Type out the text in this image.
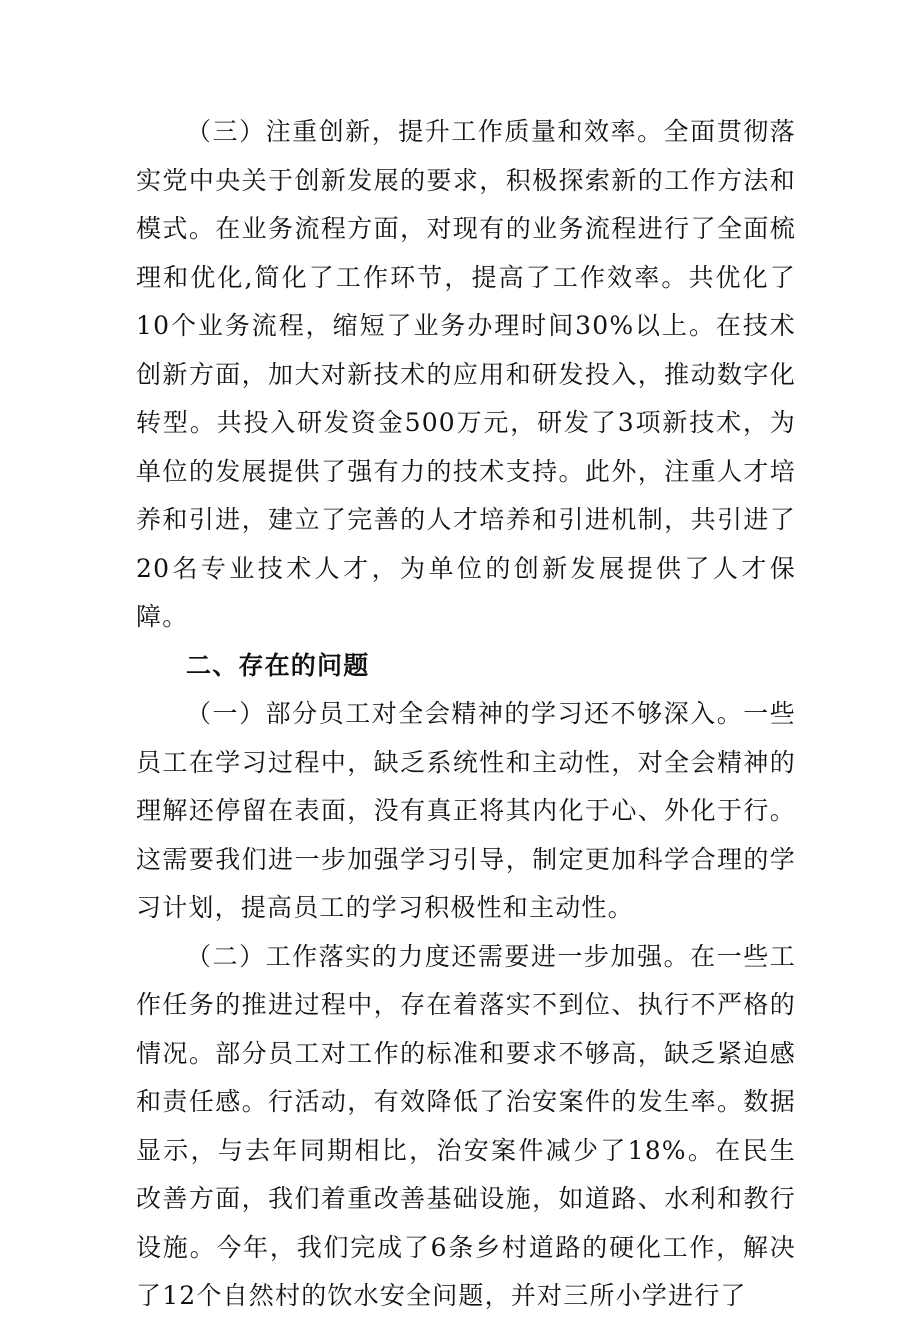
（三）注重创新，提升工作质量和效率。全面贯彻落实党中央关于创新发展的要求，积极探索新的工作方法和模式。在业务流程方面，对现有的业务流程进行了全面梳理和优化,简化了工作环节，提高了工作效率。共优化了10个业务流程，缩短了业务办理时间30%以上。在技术创新方面，加大对新技术的应用和研发投入，推动数字化转型。共投入研发资金500万元，研发了3项新技术，为单位的发展提供了强有力的技术支持。此外，注重人才培养和引进，建立了完善的人才培养和引进机制，共引进了20名专业技术人才，为单位的创新发展提供了人才保障。

二、存在的问题

（一）部分员工对全会精神的学习还不够深入。一些员工在学习过程中，缺乏系统性和主动性，对全会精神的理解还停留在表面，没有真正将其内化于心、外化于行。这需要我们进一步加强学习引导，制定更加科学合理的学习计划，提高员工的学习积极性和主动性。

（二）工作落实的力度还需要进一步加强。在一些工作任务的推进过程中，存在着落实不到位、执行不严格的情况。部分员工对工作的标准和要求不够高，缺乏紧迫感和责任感。行活动，有效降低了治安案件的发生率。数据显示，与去年同期相比，治安案件减少了18%。在民生改善方面，我们着重改善基础设施，如道路、水利和教行设施。今年，我们完成了6条乡村道路的硬化工作，解决了12个自然村的饮水安全问题，并对三所小学进行了
